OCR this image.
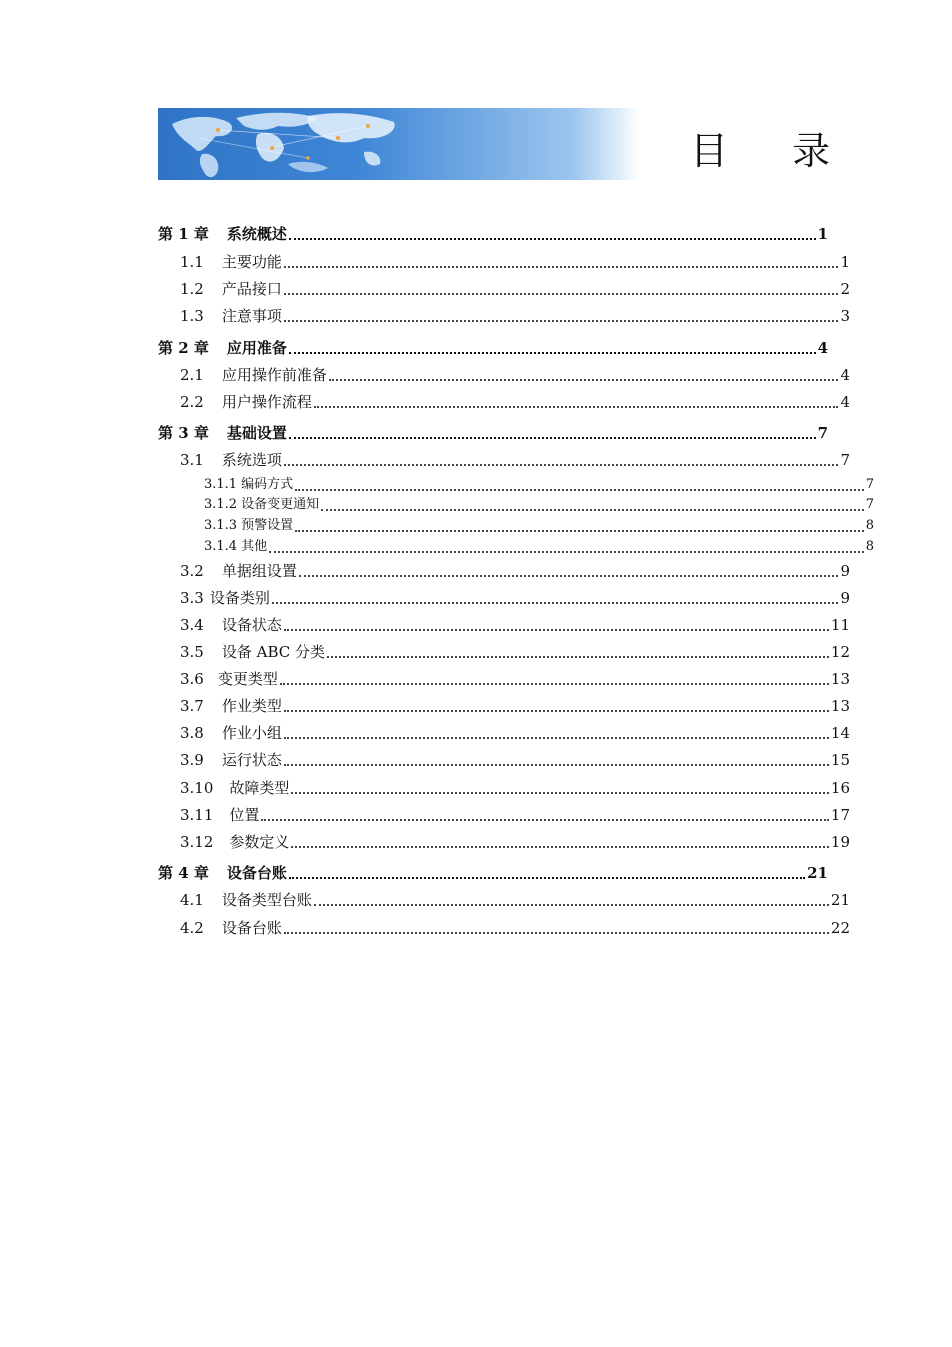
目 录
第 1 章 系统概述	1
1.1 主要功能	1
1.2 产品接口	2
1.3 注意事项	3
第 2 章 应用准备	4
2.1 应用操作前准备	4
2.2 用户操作流程	4
第 3 章 基础设置	7
3.1 系统选项	7
3.1.1 编码方式	7
3.1.2 设备变更通知	7
3.1.3 预警设置	8
3.1.4 其他	8
3.2 单据组设置	9
3.3 设备类别	9
3.4 设备状态	11
3.5 设备 ABC 分类	12
3.6 变更类型	13
3.7 作业类型	13
3.8 作业小组	14
3.9 运行状态	15
3.10 故障类型	16
3.11 位置	17
3.12 参数定义	19
第 4 章 设备台账	21
4.1 设备类型台账	21
4.2 设备台账	22
